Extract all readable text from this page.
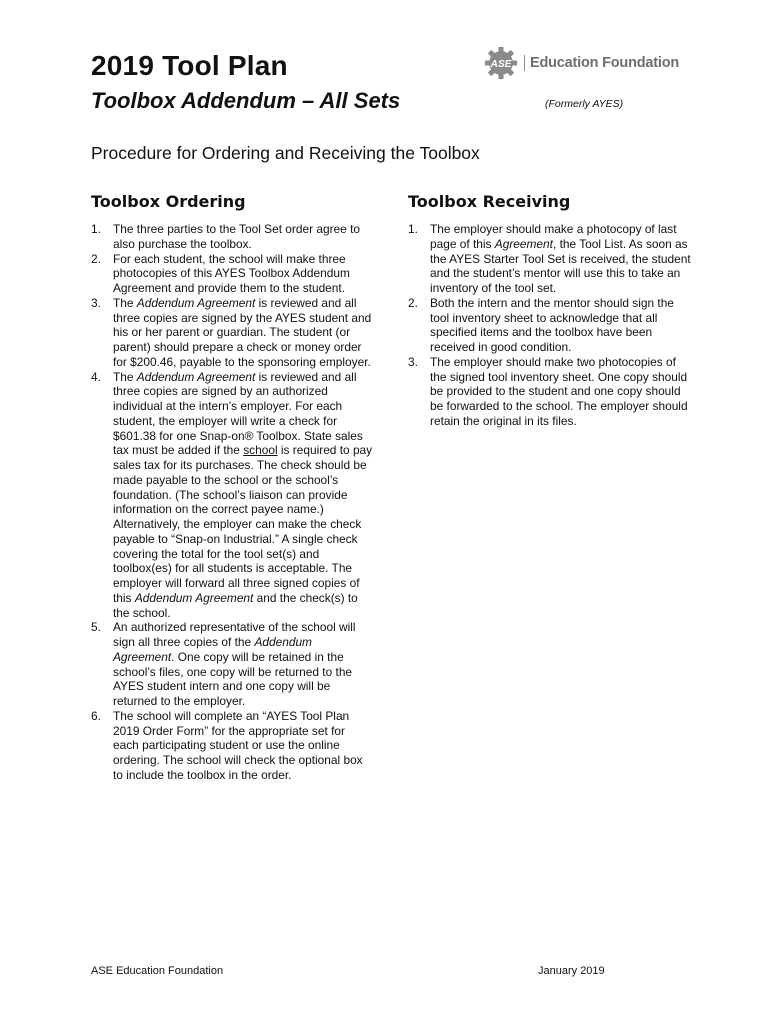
2019 Tool Plan
Toolbox Addendum – All Sets
ASE	Education Foundation
(Formerly AYES)
Procedure for Ordering and Receiving the Toolbox
Toolbox Ordering	Toolbox Receiving
1. The three parties to the Tool Set order agree to also purchase the toolbox.
2. For each student, the school will make three photocopies of this AYES Toolbox Addendum Agreement and provide them to the student.
3. The Addendum Agreement is reviewed and all three copies are signed by the AYES student and his or her parent or guardian. The student (or parent) should prepare a check or money order for $200.46, payable to the sponsoring employer.
4. The Addendum Agreement is reviewed and all three copies are signed by an authorized individual at the intern’s employer. For each student, the employer will write a check for $601.38 for one Snap-on® Toolbox. State sales tax must be added if the school is required to pay sales tax for its purchases. The check should be made payable to the school or the school’s foundation. (The school’s liaison can provide information on the correct payee name.) Alternatively, the employer can make the check payable to “Snap-on Industrial.” A single check covering the total for the tool set(s) and toolbox(es) for all students is acceptable. The employer will forward all three signed copies of this Addendum Agreement and the check(s) to the school.
5. An authorized representative of the school will sign all three copies of the Addendum Agreement. One copy will be retained in the school’s files, one copy will be returned to the AYES student intern and one copy will be returned to the employer.
6. The school will complete an “AYES Tool Plan 2019 Order Form” for the appropriate set for each participating student or use the online ordering. The school will check the optional box to include the toolbox in the order.
1. The employer should make a photocopy of last page of this Agreement, the Tool List. As soon as the AYES Starter Tool Set is received, the student and the student’s mentor will use this to take an inventory of the tool set.
2. Both the intern and the mentor should sign the tool inventory sheet to acknowledge that all specified items and the toolbox have been received in good condition.
3. The employer should make two photocopies of the signed tool inventory sheet. One copy should be provided to the student and one copy should be forwarded to the school. The employer should retain the original in its files.
ASE Education Foundation	January 2019
